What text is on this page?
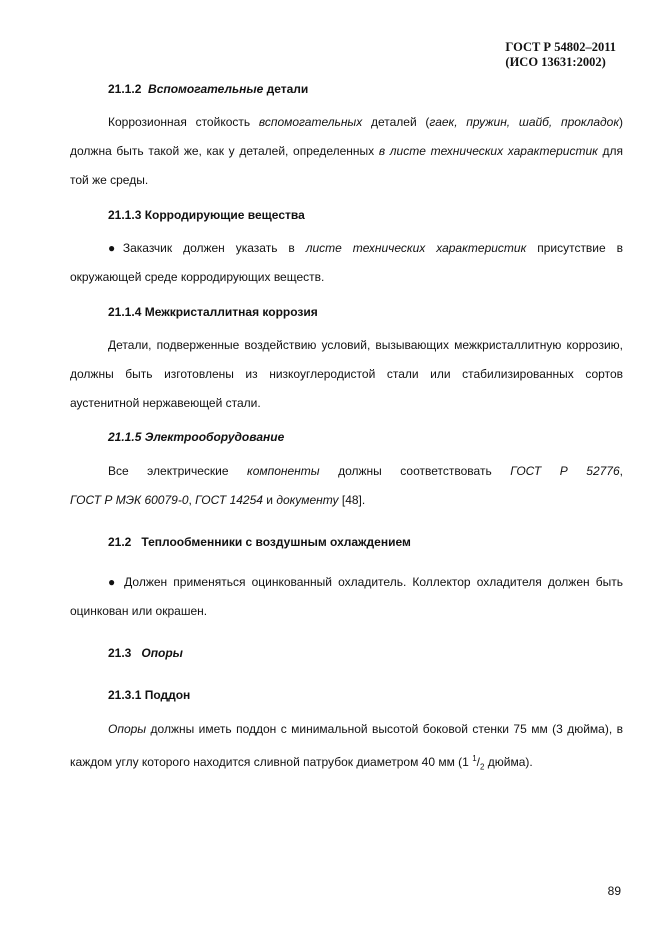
ГОСТ Р 54802–2011
(ИСО 13631:2002)
21.1.2 Вспомогательные детали
Коррозионная стойкость вспомогательных деталей (гаек, пружин, шайб, прокладок) должна быть такой же, как у деталей, определенных в листе технических характеристик для той же среды.
21.1.3 Корродирующие вещества
●Заказчик должен указать в листе технических характеристик присутствие в окружающей среде корродирующих веществ.
21.1.4 Межкристаллитная коррозия
Детали, подверженные воздействию условий, вызывающих межкристаллитную коррозию, должны быть изготовлены из низкоуглеродистой стали или стабилизированных сортов аустенитной нержавеющей стали.
21.1.5 Электрооборудование
Все электрические компоненты должны соответствовать ГОСТ Р 52776,
ГОСТ Р МЭК 60079-0, ГОСТ 14254 и документу [48].
21.2   Теплообменники с воздушным охлаждением
● Должен применяться оцинкованный охладитель. Коллектор охладителя должен быть оцинкован или окрашен.
21.3   Опоры
21.3.1 Поддон
Опоры должны иметь поддон с минимальной высотой боковой стенки 75 мм (3 дюйма), в каждом углу которого находится сливной патрубок диаметром 40 мм (1 $^1/_2$ дюйма).
89
